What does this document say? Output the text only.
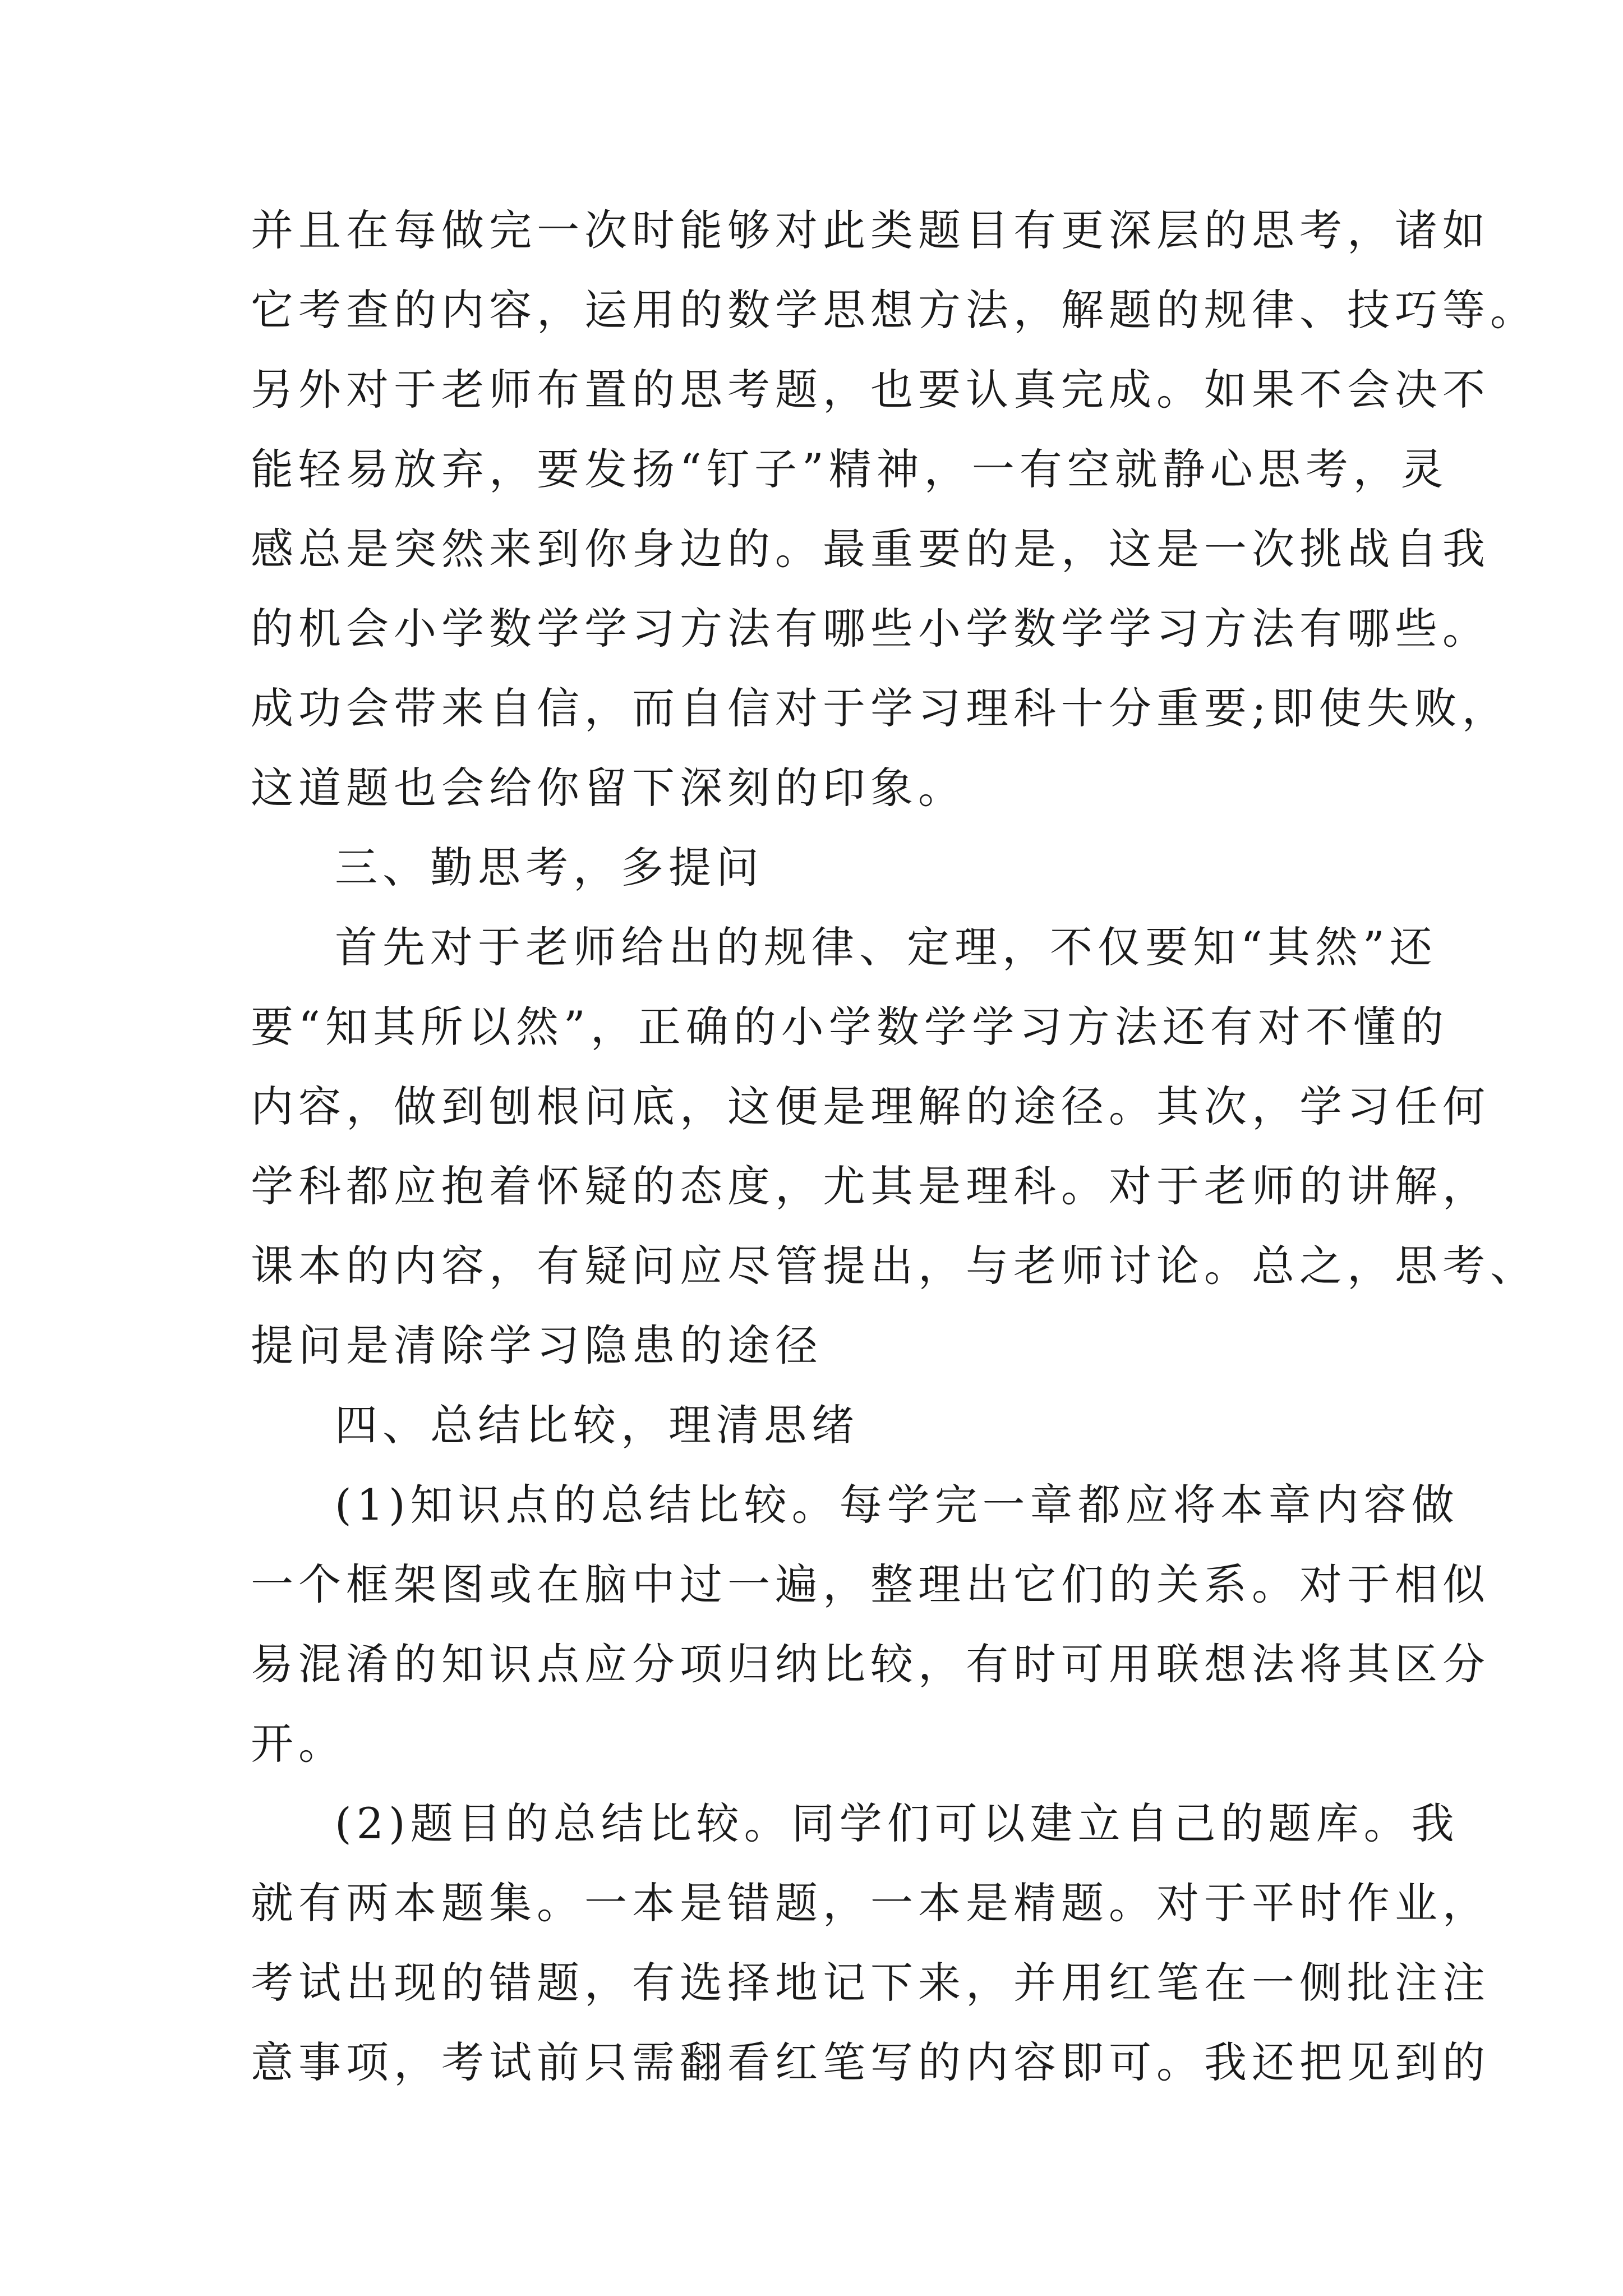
并且在每做完一次时能够对此类题目有更深层的思考，诸如
它考查的内容，运用的数学思想方法，解题的规律、技巧等。
另外对于老师布置的思考题，也要认真完成。如果不会决不
能轻易放弃，要发扬“钉子”精神，一有空就静心思考，灵
感总是突然来到你身边的。最重要的是，这是一次挑战自我
的机会小学数学学习方法有哪些小学数学学习方法有哪些。
成功会带来自信，而自信对于学习理科十分重要;即使失败，
这道题也会给你留下深刻的印象。
三、勤思考，多提问
首先对于老师给出的规律、定理，不仅要知“其然”还
要“知其所以然”，正确的小学数学学习方法还有对不懂的
内容，做到刨根问底，这便是理解的途径。其次，学习任何
学科都应抱着怀疑的态度，尤其是理科。对于老师的讲解，
课本的内容，有疑问应尽管提出，与老师讨论。总之，思考、
提问是清除学习隐患的途径
四、总结比较，理清思绪
(1)知识点的总结比较。每学完一章都应将本章内容做
一个框架图或在脑中过一遍，整理出它们的关系。对于相似
易混淆的知识点应分项归纳比较，有时可用联想法将其区分
开。
(2)题目的总结比较。同学们可以建立自己的题库。我
就有两本题集。一本是错题，一本是精题。对于平时作业，
考试出现的错题，有选择地记下来，并用红笔在一侧批注注
意事项，考试前只需翻看红笔写的内容即可。我还把见到的
